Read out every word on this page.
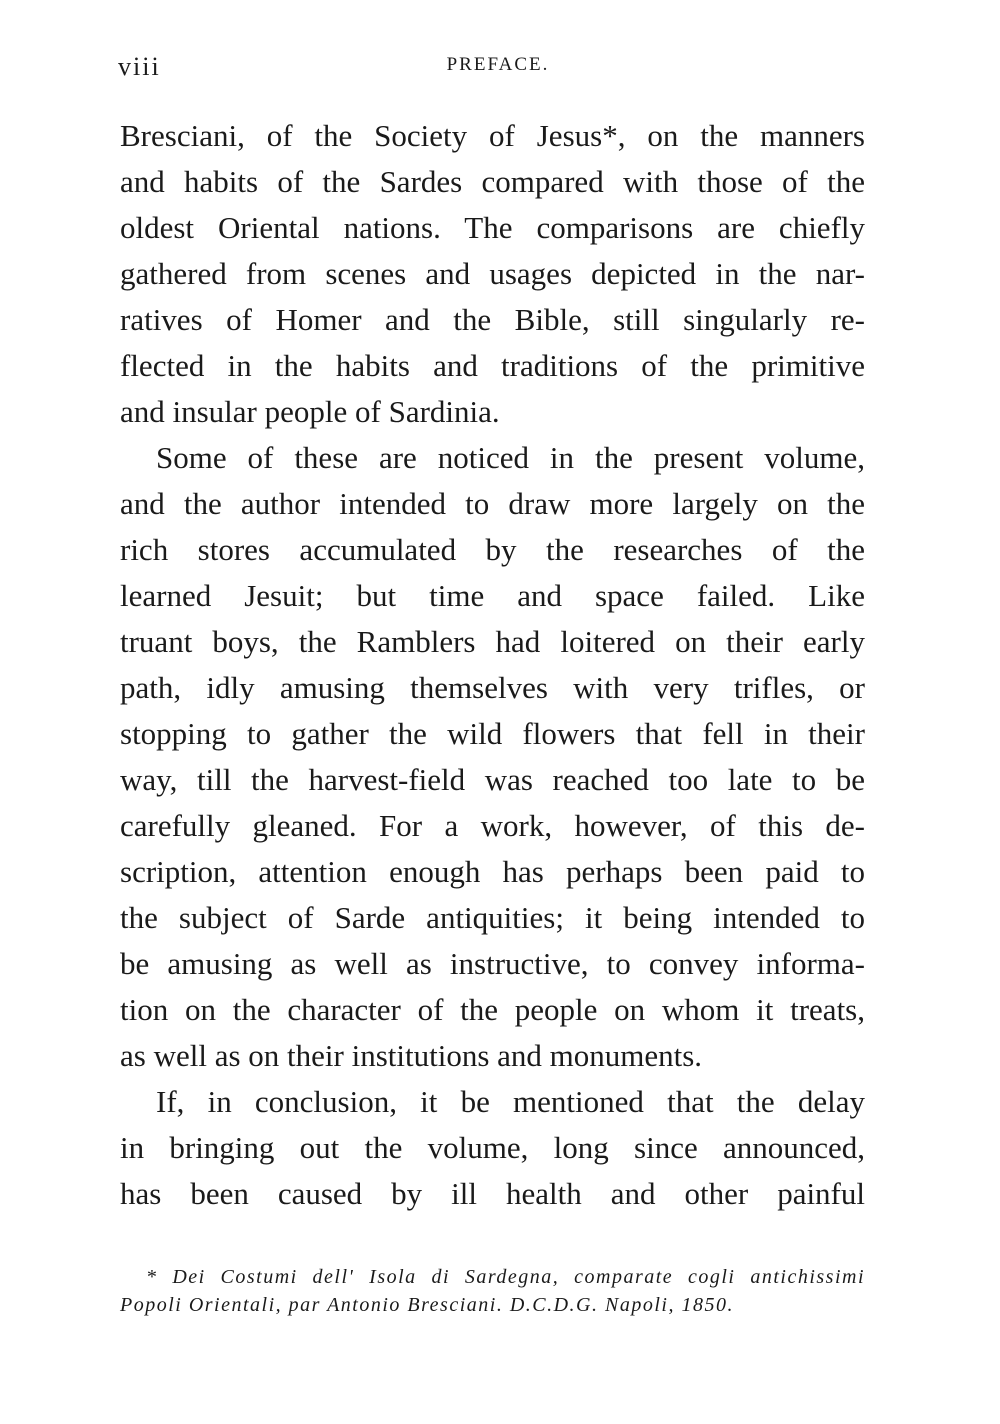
viii	PREFACE.
Bresciani, of the Society of Jesus*, on the manners
and habits of the Sardes compared with those of the
oldest Oriental nations. The comparisons are chiefly
gathered from scenes and usages depicted in the nar-
ratives of Homer and the Bible, still singularly re-
flected in the habits and traditions of the primitive
and insular people of Sardinia.
Some of these are noticed in the present volume,
and the author intended to draw more largely on the
rich stores accumulated by the researches of the
learned Jesuit; but time and space failed. Like
truant boys, the Ramblers had loitered on their early
path, idly amusing themselves with very trifles, or
stopping to gather the wild flowers that fell in their
way, till the harvest-field was reached too late to be
carefully gleaned. For a work, however, of this de-
scription, attention enough has perhaps been paid to
the subject of Sarde antiquities; it being intended to
be amusing as well as instructive, to convey informa-
tion on the character of the people on whom it treats,
as well as on their institutions and monuments.
If, in conclusion, it be mentioned that the delay
in bringing out the volume, long since announced,
has been caused by ill health and other painful
* Dei Costumi dell' Isola di Sardegna, comparate cogli antichissimi
Popoli Orientali, par Antonio Bresciani. D.C.D.G. Napoli, 1850.
